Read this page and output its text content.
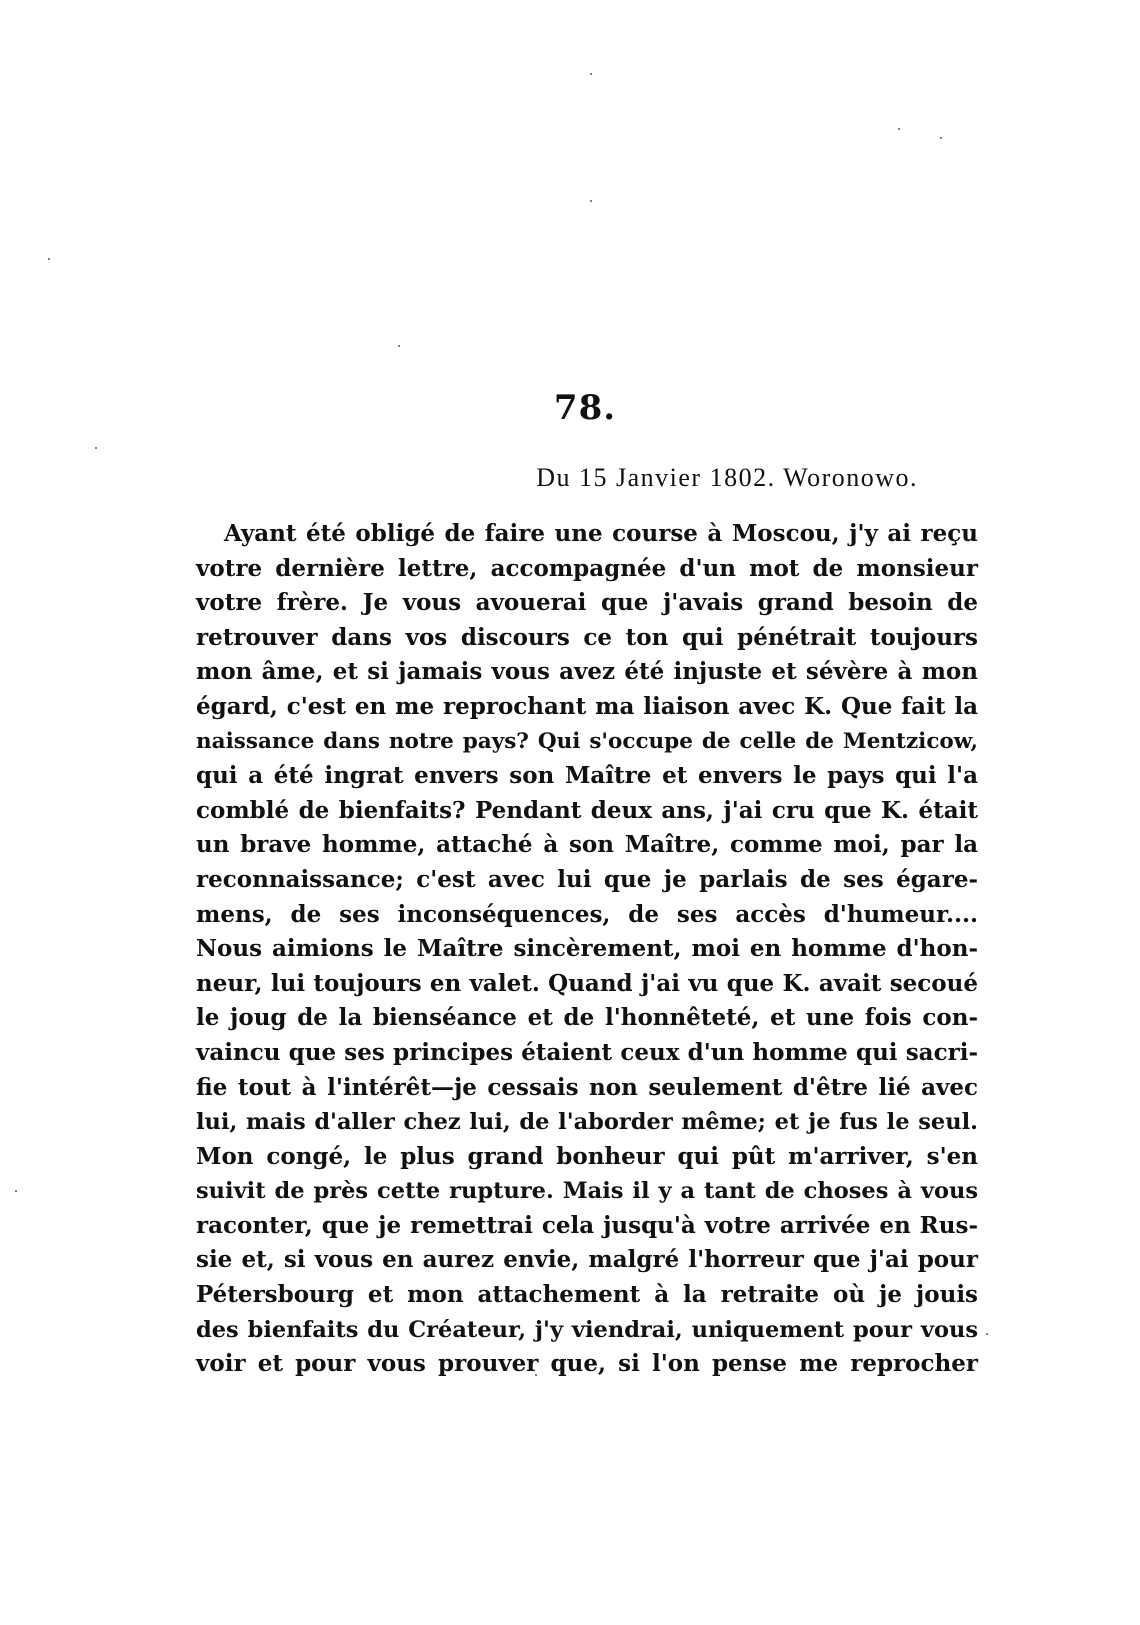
78.
Du 15 Janvier 1802. Woronowo.
Ayant été obligé de faire une course à Moscou, j'y ai reçu
votre dernière lettre, accompagnée d'un mot de monsieur
votre frère. Je vous avouerai que j'avais grand besoin de
retrouver dans vos discours ce ton qui pénétrait toujours
mon âme, et si jamais vous avez été injuste et sévère à mon
égard, c'est en me reprochant ma liaison avec K. Que fait la
naissance dans notre pays? Qui s'occupe de celle de Mentzicow,
qui a été ingrat envers son Maître et envers le pays qui l'a
comblé de bienfaits? Pendant deux ans, j'ai cru que K. était
un brave homme, attaché à son Maître, comme moi, par la
reconnaissance; c'est avec lui que je parlais de ses égare-
mens, de ses inconséquences, de ses accès d'humeur....
Nous aimions le Maître sincèrement, moi en homme d'hon-
neur, lui toujours en valet. Quand j'ai vu que K. avait secoué
le joug de la bienséance et de l'honnêteté, et une fois con-
vaincu que ses principes étaient ceux d'un homme qui sacri-
fie tout à l'intérêt—je cessais non seulement d'être lié avec
lui, mais d'aller chez lui, de l'aborder même; et je fus le seul.
Mon congé, le plus grand bonheur qui pût m'arriver, s'en
suivit de près cette rupture. Mais il y a tant de choses à vous
raconter, que je remettrai cela jusqu'à votre arrivée en Rus-
sie et, si vous en aurez envie, malgré l'horreur que j'ai pour
Pétersbourg et mon attachement à la retraite où je jouis
des bienfaits du Créateur, j'y viendrai, uniquement pour vous
voir et pour vous prouver que, si l'on pense me reprocher
